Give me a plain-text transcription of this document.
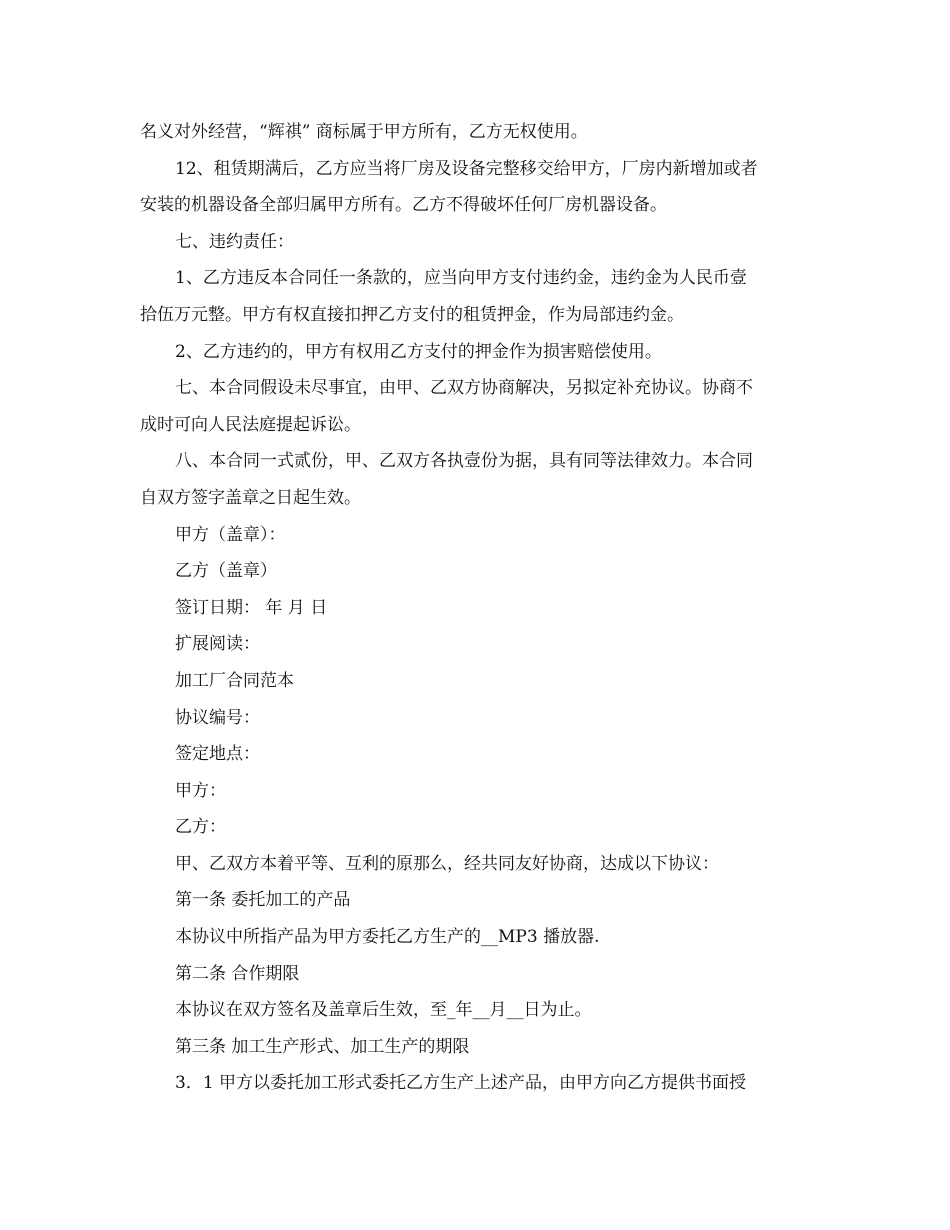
名义对外经营，“辉祺” 商标属于甲方所有，乙方无权使用。
12、租赁期满后，乙方应当将厂房及设备完整移交给甲方，厂房内新增加或者
安装的机器设备全部归属甲方所有。乙方不得破坏任何厂房机器设备。
七、违约责任：
1、乙方违反本合同任一条款的，应当向甲方支付违约金，违约金为人民币壹
拾伍万元整。甲方有权直接扣押乙方支付的租赁押金，作为局部违约金。
2、乙方违约的，甲方有权用乙方支付的押金作为损害赔偿使用。
七、本合同假设未尽事宜，由甲、乙双方协商解决，另拟定补充协议。协商不
成时可向人民法庭提起诉讼。
八、本合同一式贰份，甲、乙双方各执壹份为据，具有同等法律效力。本合同
自双方签字盖章之日起生效。
甲方（盖章）：
乙方（盖章）
签订日期： 年 月 日
扩展阅读：
加工厂合同范本
协议编号：
签定地点：
甲方：
乙方：
甲、乙双方本着平等、互利的原那么，经共同友好协商，达成以下协议：
第一条 委托加工的产品
本协议中所指产品为甲方委托乙方生产的__MP3 播放器.
第二条 合作期限
本协议在双方签名及盖章后生效，至_年__月__日为止。
第三条 加工生产形式、加工生产的期限
3．1 甲方以委托加工形式委托乙方生产上述产品，由甲方向乙方提供书面授
